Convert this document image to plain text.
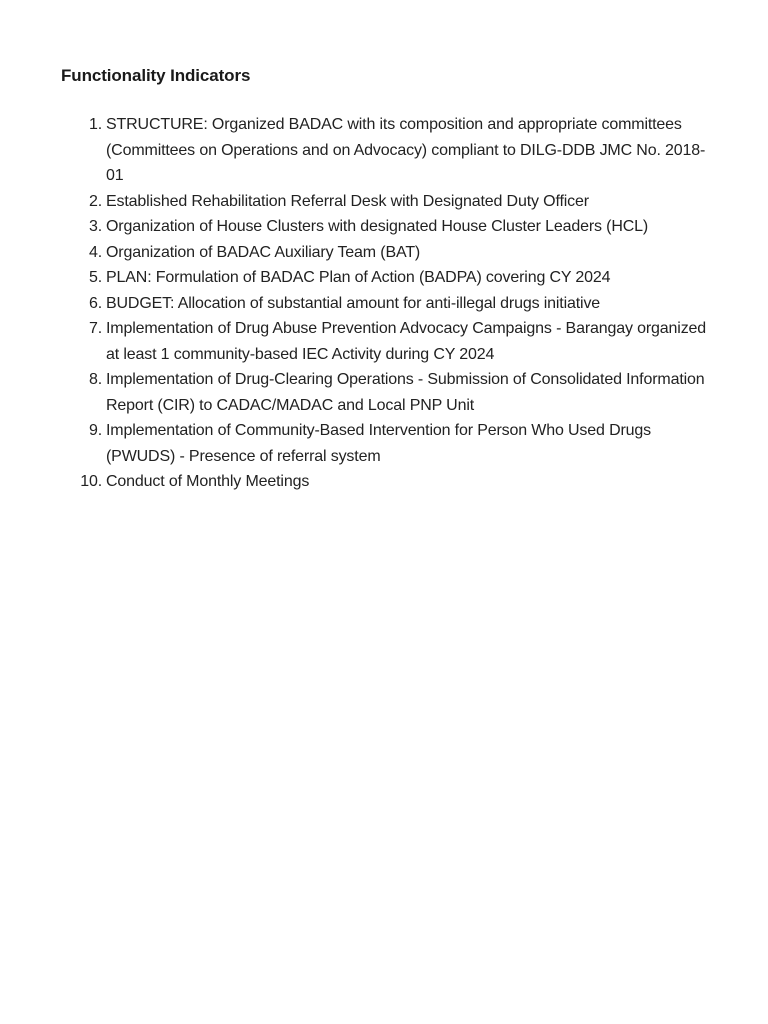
Functionality Indicators
1. STRUCTURE: Organized BADAC with its composition and appropriate committees (Committees on Operations and on Advocacy) compliant to DILG-DDB JMC No. 2018-01
2. Established Rehabilitation Referral Desk with Designated Duty Officer
3. Organization of House Clusters with designated House Cluster Leaders (HCL)
4. Organization of BADAC Auxiliary Team (BAT)
5. PLAN: Formulation of BADAC Plan of Action (BADPA) covering CY 2024
6. BUDGET: Allocation of substantial amount for anti-illegal drugs initiative
7. Implementation of Drug Abuse Prevention Advocacy Campaigns - Barangay organized at least 1 community-based IEC Activity during CY 2024
8. Implementation of Drug-Clearing Operations - Submission of Consolidated Information Report (CIR) to CADAC/MADAC and Local PNP Unit
9. Implementation of Community-Based Intervention for Person Who Used Drugs (PWUDS) - Presence of referral system
10. Conduct of Monthly Meetings
